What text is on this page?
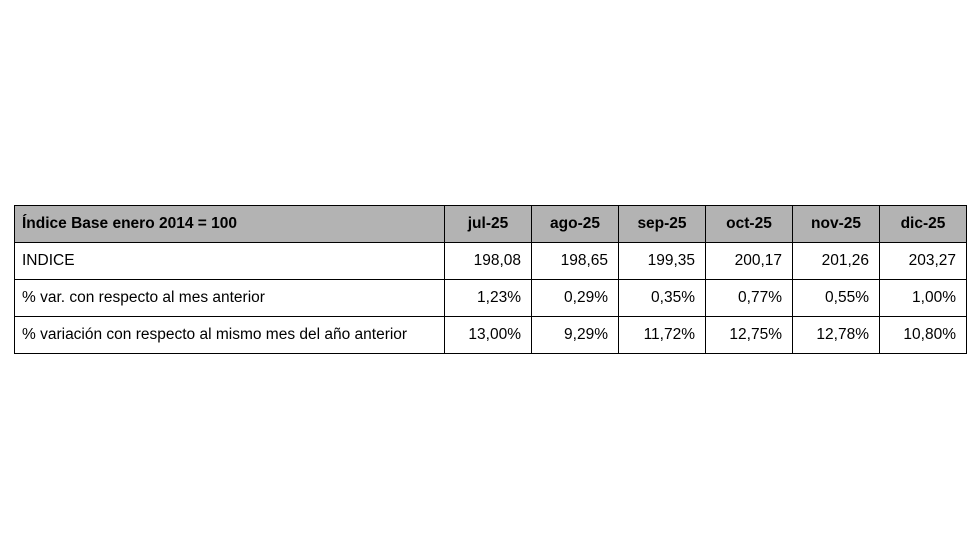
Índice Base enero 2014 = 100	jul-25	ago-25	sep-25	oct-25	nov-25	dic-25
INDICE	198,08	198,65	199,35	200,17	201,26	203,27
% var. con respecto al mes anterior	1,23%	0,29%	0,35%	0,77%	0,55%	1,00%
% variación con respecto al mismo mes del año anterior	13,00%	9,29%	11,72%	12,75%	12,78%	10,80%
